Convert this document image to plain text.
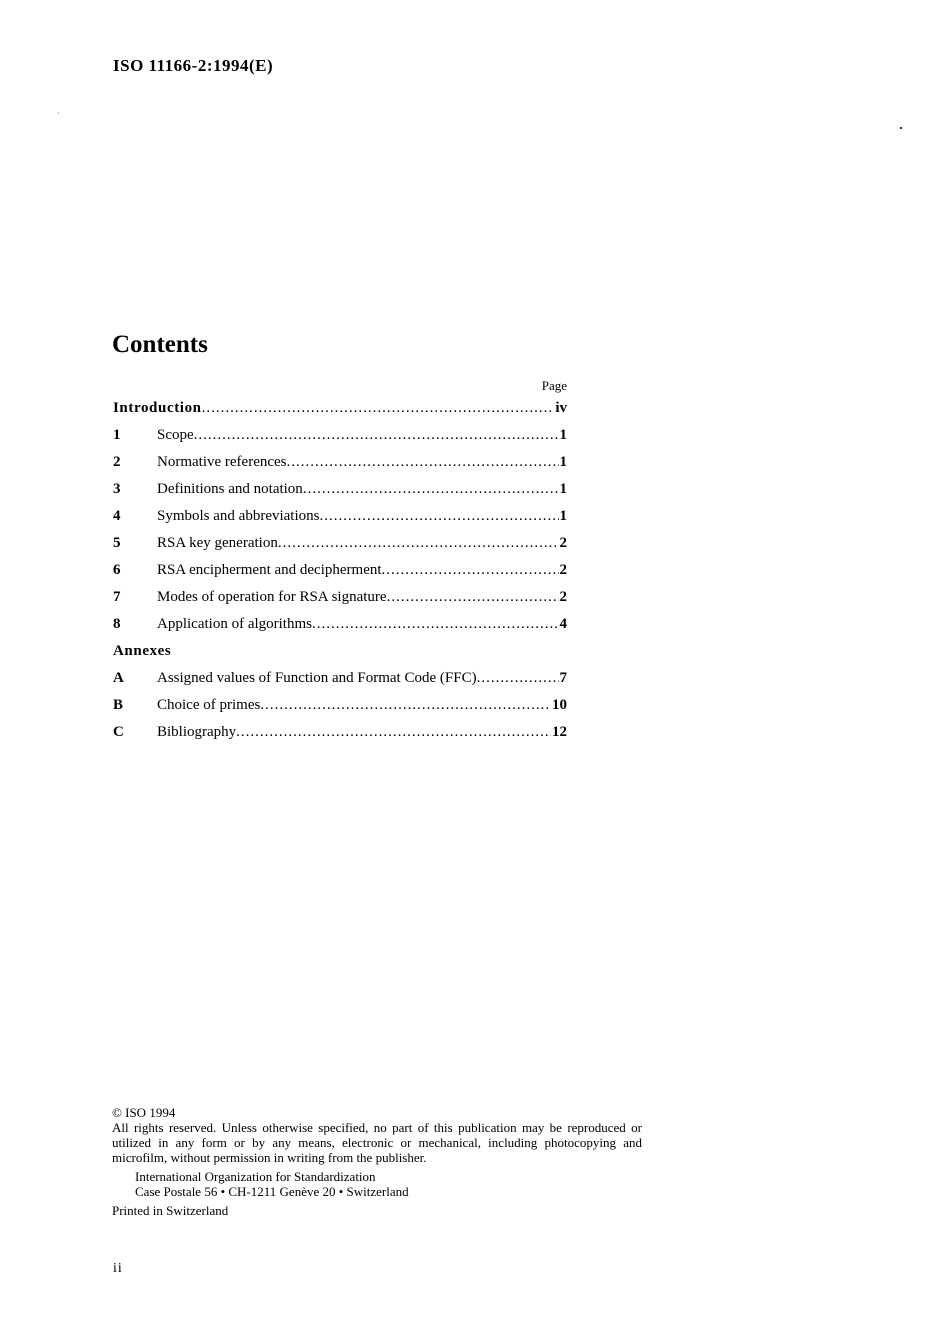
ISO 11166-2:1994(E)
Contents
Page
Introduction .....	iv
1	Scope .....	1
2	Normative references .....	1
3	Definitions and notation .....	1
4	Symbols and abbreviations .....	1
5	RSA key generation .....	2
6	RSA encipherment and decipherment .....	2
7	Modes of operation for RSA signature .....	2
8	Application of algorithms .....	4
Annexes
A	Assigned values of Function and Format Code (FFC) .....	7
B	Choice of primes .....	10
C	Bibliography .....	12

© ISO 1994

All rights reserved. Unless otherwise specified, no part of this publication may be reproduced or utilized in any form or by any means, electronic or mechanical, including photocopying and microfilm, without permission in writing from the publisher.

International Organization for Standardization

Case Postale 56 • CH-1211 Genève 20 • Switzerland

Printed in Switzerland

ii
